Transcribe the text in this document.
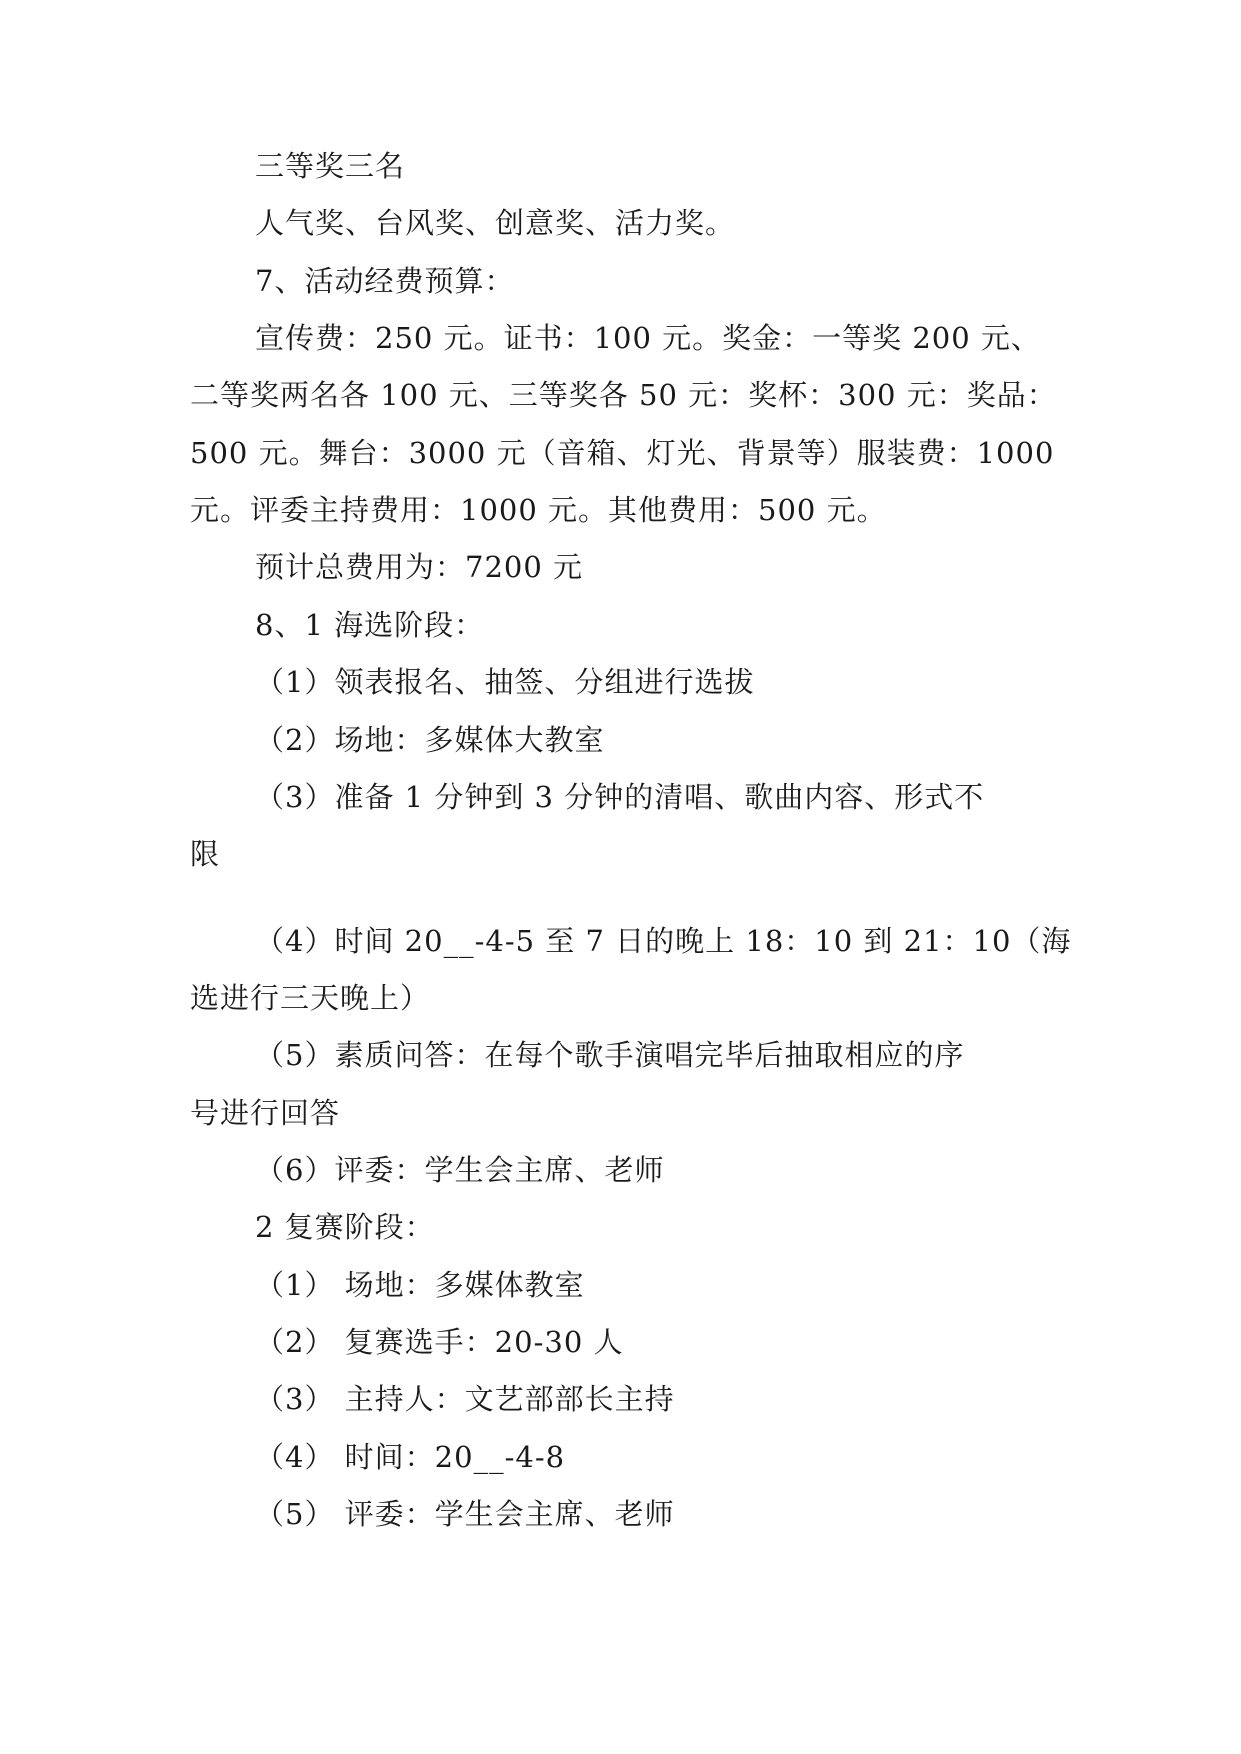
三等奖三名
人气奖、台风奖、创意奖、活力奖。
7、活动经费预算：
宣传费：250 元。证书：100 元。奖金：一等奖 200 元、
二等奖两名各 100 元、三等奖各 50 元：奖杯：300 元：奖品：
500 元。舞台：3000 元（音箱、灯光、背景等）服装费：1000
元。评委主持费用：1000 元。其他费用：500 元。
预计总费用为：7200 元
8、1 海选阶段：
（1）领表报名、抽签、分组进行选拔
（2）场地：多媒体大教室
（3）准备 1 分钟到 3 分钟的清唱、歌曲内容、形式不
限
（4）时间 20__-4-5 至 7 日的晚上 18：10 到 21：10（海
选进行三天晚上）
（5）素质问答：在每个歌手演唱完毕后抽取相应的序
号进行回答
（6）评委：学生会主席、老师
2 复赛阶段：
（1） 场地：多媒体教室
（2） 复赛选手：20-30 人
（3） 主持人：文艺部部长主持
（4） 时间：20__-4-8
（5） 评委：学生会主席、老师
